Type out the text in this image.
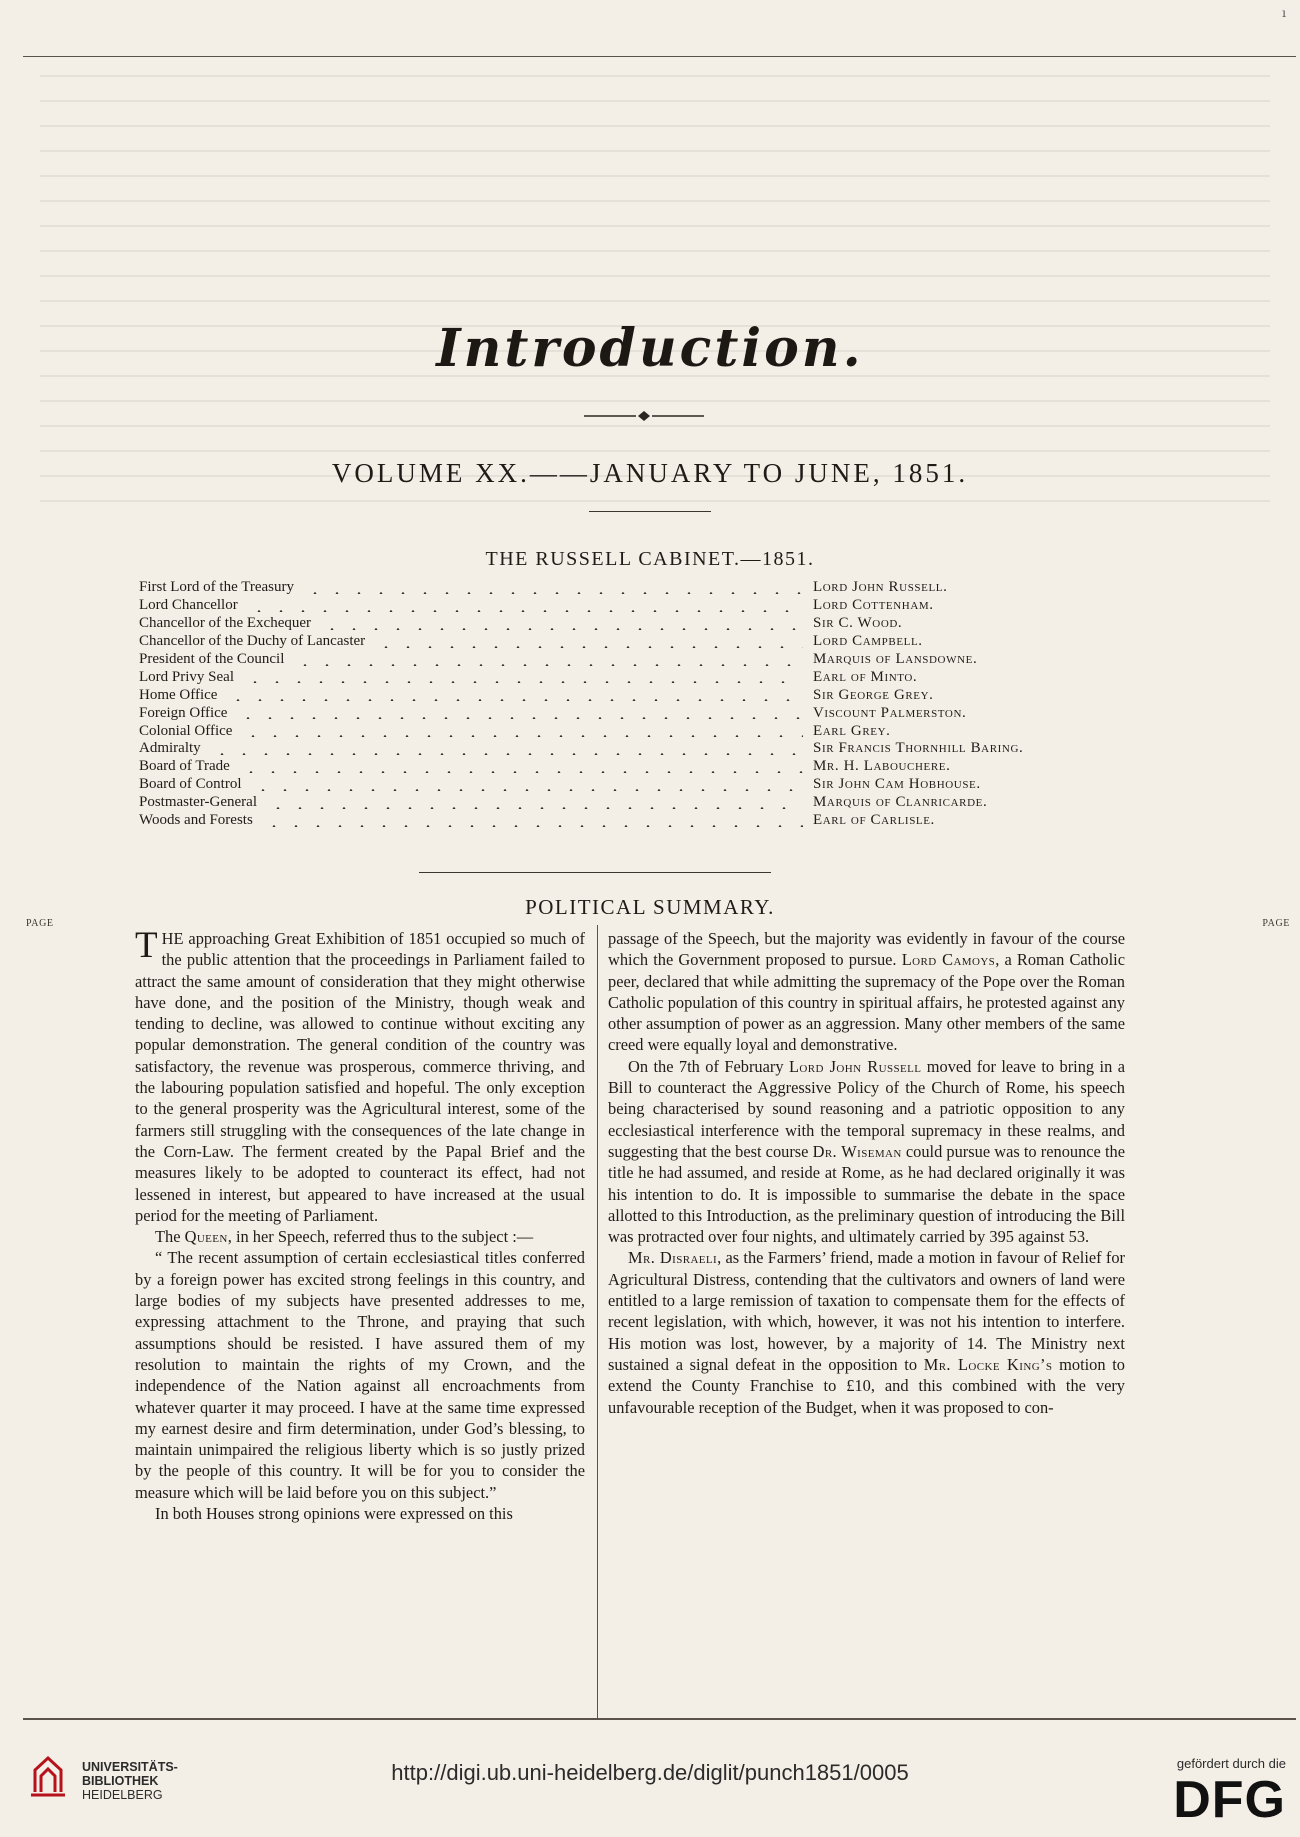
ı
Introduction.
VOLUME XX.——JANUARY TO JUNE, 1851.
THE RUSSELL CABINET.—1851.
First Lord of the Treasury	Lord John Russell.
Lord Chancellor	Lord Cottenham.
Chancellor of the Exchequer	Sir C. Wood.
Chancellor of the Duchy of Lancaster	Lord Campbell.
President of the Council	Marquis of Lansdowne.
Lord Privy Seal	Earl of Minto.
Home Office	Sir George Grey.
Foreign Office	Viscount Palmerston.
Colonial Office	Earl Grey.
Admiralty	Sir Francis Thornhill Baring.
Board of Trade	Mr. H. Labouchere.
Board of Control	Sir John Cam Hobhouse.
Postmaster-General	Marquis of Clanricarde.
Woods and Forests	Earl of Carlisle.
POLITICAL SUMMARY.
PAGE	PAGE

THE approaching Great Exhibition of 1851 occupied so much of the public attention that the proceedings in Parliament failed to attract the same amount of consideration that they might otherwise have done, and the position of the Ministry, though weak and tending to decline, was allowed to continue without exciting any popular demonstration. The general condition of the country was satisfactory, the revenue was prosperous, commerce thriving, and the labouring population satisfied and hopeful. The only exception to the general prosperity was the Agricultural interest, some of the farmers still struggling with the consequences of the late change in the Corn-Law. The ferment created by the Papal Brief and the measures likely to be adopted to counteract its effect, had not lessened in interest, but appeared to have increased at the usual period for the meeting of Parliament.

The Queen, in her Speech, referred thus to the subject :—

“ The recent assumption of certain ecclesiastical titles conferred by a foreign power has excited strong feelings in this country, and large bodies of my subjects have presented addresses to me, expressing attachment to the Throne, and praying that such assumptions should be resisted. I have assured them of my resolution to maintain the rights of my Crown, and the independence of the Nation against all encroachments from whatever quarter it may proceed. I have at the same time expressed my earnest desire and firm determination, under God’s blessing, to maintain unimpaired the religious liberty which is so justly prized by the people of this country. It will be for you to consider the measure which will be laid before you on this subject.”

In both Houses strong opinions were expressed on this

passage of the Speech, but the majority was evidently in favour of the course which the Government proposed to pursue. Lord Camoys, a Roman Catholic peer, declared that while admitting the supremacy of the Pope over the Roman Catholic population of this country in spiritual affairs, he protested against any other assumption of power as an aggression. Many other members of the same creed were equally loyal and demonstrative.

On the 7th of February Lord John Russell moved for leave to bring in a Bill to counteract the Aggressive Policy of the Church of Rome, his speech being characterised by sound reasoning and a patriotic opposition to any ecclesiastical interference with the temporal supremacy in these realms, and suggesting that the best course Dr. Wiseman could pursue was to renounce the title he had assumed, and reside at Rome, as he had declared originally it was his intention to do. It is impossible to summarise the debate in the space allotted to this Introduction, as the preliminary question of introducing the Bill was protracted over four nights, and ultimately carried by 395 against 53.

Mr. Disraeli, as the Farmers’ friend, made a motion in favour of Relief for Agricultural Distress, contending that the cultivators and owners of land were entitled to a large remission of taxation to compensate them for the effects of recent legislation, with which, however, it was not his intention to interfere. His motion was lost, however, by a majority of 14. The Ministry next sustained a signal defeat in the opposition to Mr. Locke King’s motion to extend the County Franchise to £10, and this combined with the very unfavourable reception of the Budget, when it was proposed to con-

UNIVERSITÄTS-
BIBLIOTHEK
HEIDELBERG
http://digi.ub.uni-heidelberg.de/diglit/punch1851/0005	gefördert durch die
DFG
